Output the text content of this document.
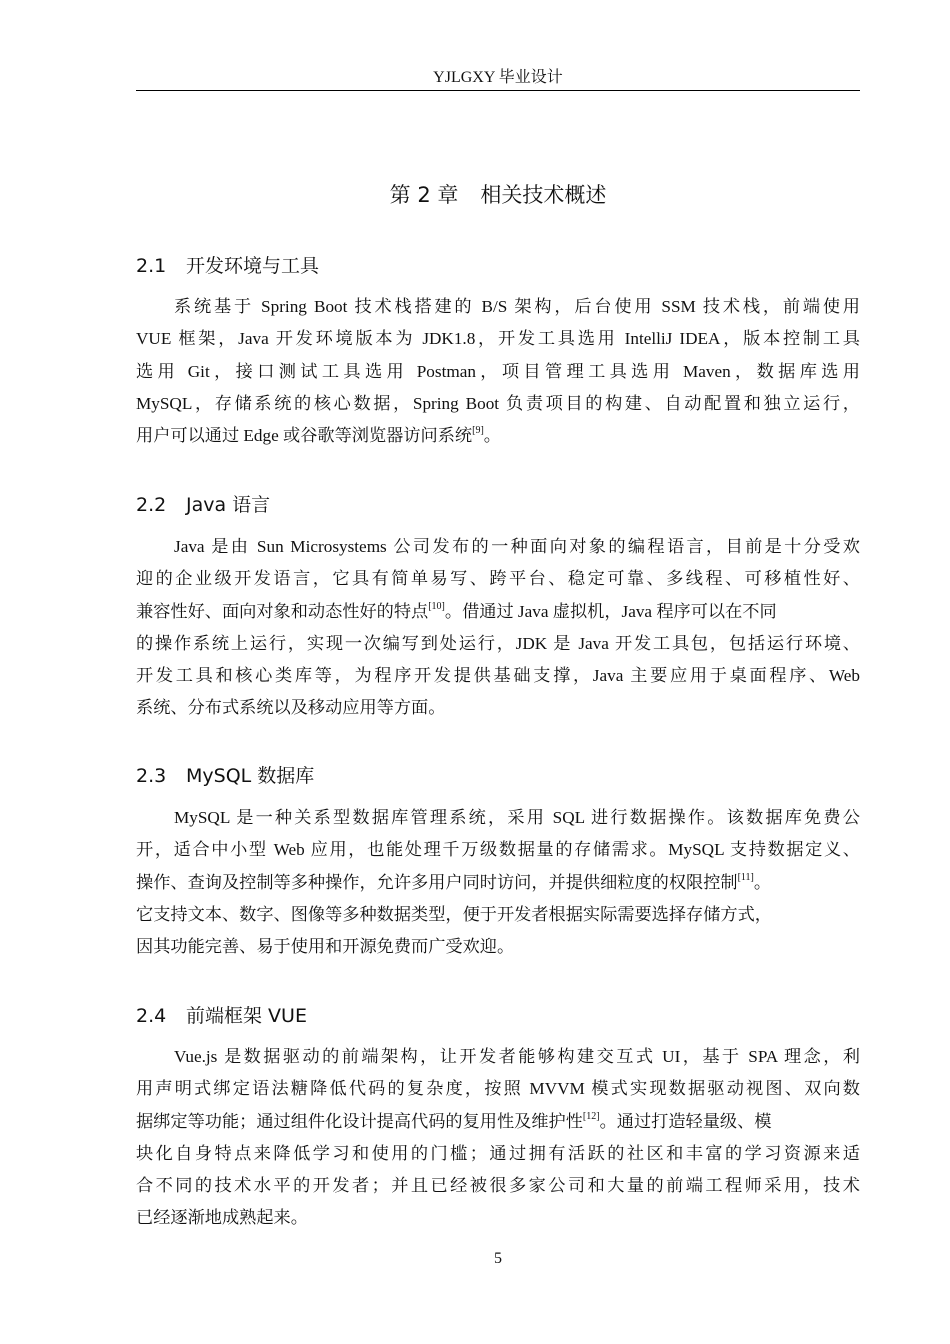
YJLGXY 毕业设计
第 2 章 相关技术概述
2.1 开发环境与工具
系统基于 Spring Boot 技术栈搭建的 B/S 架构，后台使用 SSM 技术栈，前端使用
VUE 框架，Java 开发环境版本为 JDK1.8，开发工具选用 IntelliJ IDEA，版本控制工具
选用 Git，接口测试工具选用 Postman，项目管理工具选用 Maven，数据库选用
MySQL，存储系统的核心数据，Spring Boot 负责项目的构建、自动配置和独立运行，
用户可以通过 Edge 或谷歌等浏览器访问系统[9]。
2.2 Java 语言
Java 是由 Sun Microsystems 公司发布的一种面向对象的编程语言，目前是十分受欢
迎的企业级开发语言，它具有简单易写、跨平台、稳定可靠、多线程、可移植性好、
兼容性好、面向对象和动态性好的特点[10]。借通过 Java 虚拟机，Java 程序可以在不同
的操作系统上运行，实现一次编写到处运行，JDK 是 Java 开发工具包，包括运行环境、
开发工具和核心类库等，为程序开发提供基础支撑，Java 主要应用于桌面程序、Web
系统、分布式系统以及移动应用等方面。
2.3 MySQL 数据库
MySQL 是一种关系型数据库管理系统，采用 SQL 进行数据操作。该数据库免费公
开，适合中小型 Web 应用，也能处理千万级数据量的存储需求。MySQL 支持数据定义、
操作、查询及控制等多种操作，允许多用户同时访问，并提供细粒度的权限控制[11]。
它支持文本、数字、图像等多种数据类型，便于开发者根据实际需要选择存储方式，
因其功能完善、易于使用和开源免费而广受欢迎。
2.4 前端框架 VUE
Vue.js 是数据驱动的前端架构，让开发者能够构建交互式 UI，基于 SPA 理念，利
用声明式绑定语法糖降低代码的复杂度，按照 MVVM 模式实现数据驱动视图、双向数
据绑定等功能；通过组件化设计提高代码的复用性及维护性[12]。通过打造轻量级、模
块化自身特点来降低学习和使用的门槛；通过拥有活跃的社区和丰富的学习资源来适
合不同的技术水平的开发者；并且已经被很多家公司和大量的前端工程师采用，技术
已经逐渐地成熟起来。
5
